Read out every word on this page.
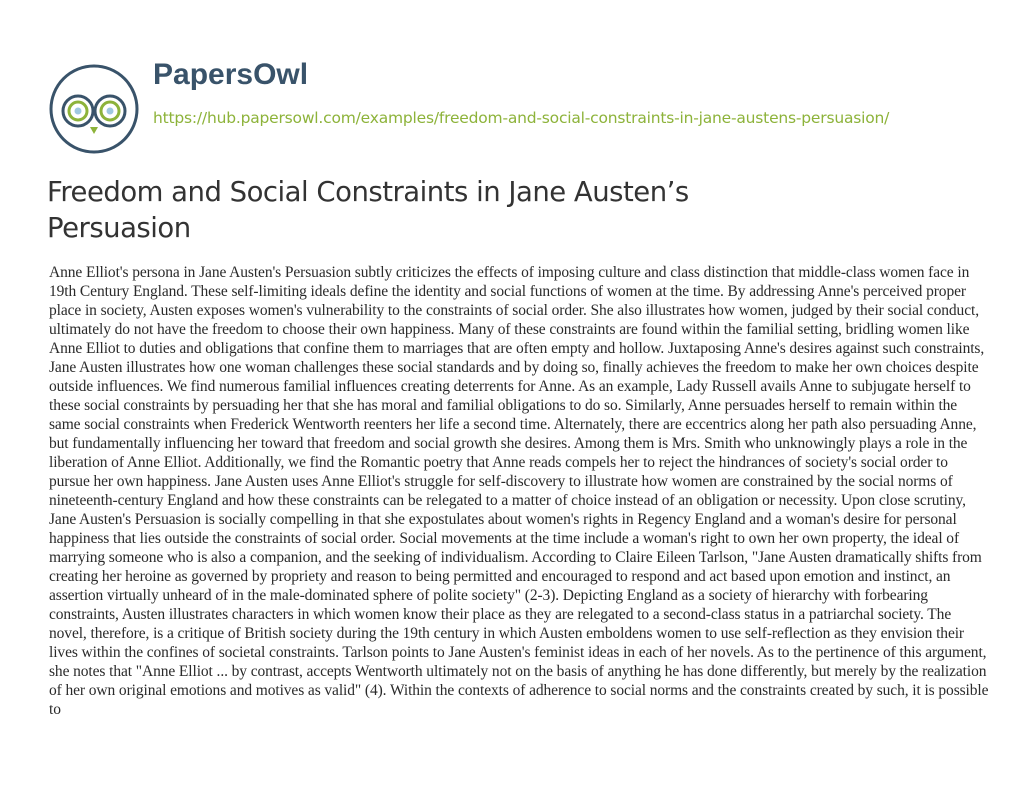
PapersOwl
https://hub.papersowl.com/examples/freedom-and-social-constraints-in-jane-austens-persuasion/
Freedom and Social Constraints in Jane Austen’s Persuasion

Anne Elliot's persona in Jane Austen's Persuasion subtly criticizes the effects of imposing culture and class distinction that middle-class women face in 19th Century England. These self-limiting ideals define the identity and social functions of women at the time. By addressing Anne's perceived proper place in society, Austen exposes women's vulnerability to the constraints of social order. She also illustrates how women, judged by their social conduct, ultimately do not have the freedom to choose their own happiness. Many of these constraints are found within the familial setting, bridling women like Anne Elliot to duties and obligations that confine them to marriages that are often empty and hollow. Juxtaposing Anne's desires against such constraints, Jane Austen illustrates how one woman challenges these social standards and by doing so, finally achieves the freedom to make her own choices despite outside influences. We find numerous familial influences creating deterrents for Anne. As an example, Lady Russell avails Anne to subjugate herself to these social constraints by persuading her that she has moral and familial obligations to do so. Similarly, Anne persuades herself to remain within the same social constraints when Frederick Wentworth reenters her life a second time. Alternately, there are eccentrics along her path also persuading Anne, but fundamentally influencing her toward that freedom and social growth she desires. Among them is Mrs. Smith who unknowingly plays a role in the liberation of Anne Elliot. Additionally, we find the Romantic poetry that Anne reads compels her to reject the hindrances of society's social order to pursue her own happiness. Jane Austen uses Anne Elliot's struggle for self-discovery to illustrate how women are constrained by the social norms of nineteenth-century England and how these constraints can be relegated to a matter of choice instead of an obligation or necessity. Upon close scrutiny, Jane Austen's Persuasion is socially compelling in that she expostulates about women's rights in Regency England and a woman's desire for personal happiness that lies outside the constraints of social order. Social movements at the time include a woman's right to own her own property, the ideal of marrying someone who is also a companion, and the seeking of individualism. According to Claire Eileen Tarlson, "Jane Austen dramatically shifts from creating her heroine as governed by propriety and reason to being permitted and encouraged to respond and act based upon emotion and instinct, an assertion virtually unheard of in the male-dominated sphere of polite society" (2-3). Depicting England as a society of hierarchy with forbearing constraints, Austen illustrates characters in which women know their place as they are relegated to a second-class status in a patriarchal society. The novel, therefore, is a critique of British society during the 19th century in which Austen emboldens women to use self-reflection as they envision their lives within the confines of societal constraints. Tarlson points to Jane Austen's feminist ideas in each of her novels. As to the pertinence of this argument, she notes that "Anne Elliot ... by contrast, accepts Wentworth ultimately not on the basis of anything he has done differently, but merely by the realization of her own original emotions and motives as valid" (4). Within the contexts of adherence to social norms and the constraints created by such, it is possible to
